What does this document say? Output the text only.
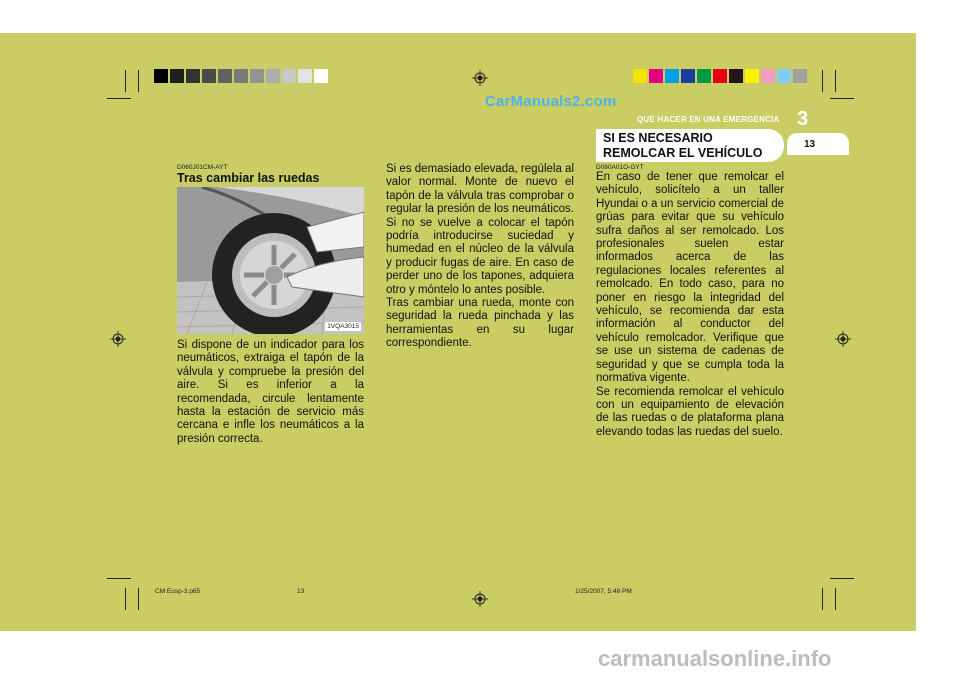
CarManuals2.com
QUE HACER EN UNA EMERGENCIA 3
SI ES NECESARIO
REMOLCAR EL VEHÍCULO
13
D060J01CM-AYT
Tras cambiar las ruedas
1VQA3015
Si dispone de un indicador para los neumáticos, extraiga el tapón de la válvula y compruebe la presión del aire. Si es inferior a la recomendada, circule lentamente hasta la estación de servicio más cercana e infle los neumáticos a la presión correcta.
Si es demasiado elevada, regúlela al valor normal. Monte de nuevo el tapón de la válvula tras comprobar o regular la presión de los neumáticos. Si no se vuelve a colocar el tapón podría introducirse suciedad y humedad en el núcleo de la válvula y producir fugas de aire. En caso de perder uno de los tapones, adquiera otro y móntelo lo antes posible.
Tras cambiar una rueda, monte con seguridad la rueda pinchada y las herramientas en su lugar correspondiente.
D080A01O-GYT
En caso de tener que remolcar el vehículo, solicítelo a un taller Hyundai o a un servicio comercial de grúas para evitar que su vehículo sufra daños al ser remolcado. Los profesionales suelen estar informados acerca de las regulaciones locales referentes al remolcado. En todo caso, para no poner en riesgo la integridad del vehículo, se recomienda dar esta información al conductor del vehículo remolcador. Verifique que se use un sistema de cadenas de seguridad y que se cumpla toda la normativa vigente.
Se recomienda remolcar el vehículo con un equipamiento de elevación de las ruedas o de plataforma plana elevando todas las ruedas del suelo.
CM Eusp-3.p65	13	1/25/2007, 5:48 PM
carmanualsonline.info
